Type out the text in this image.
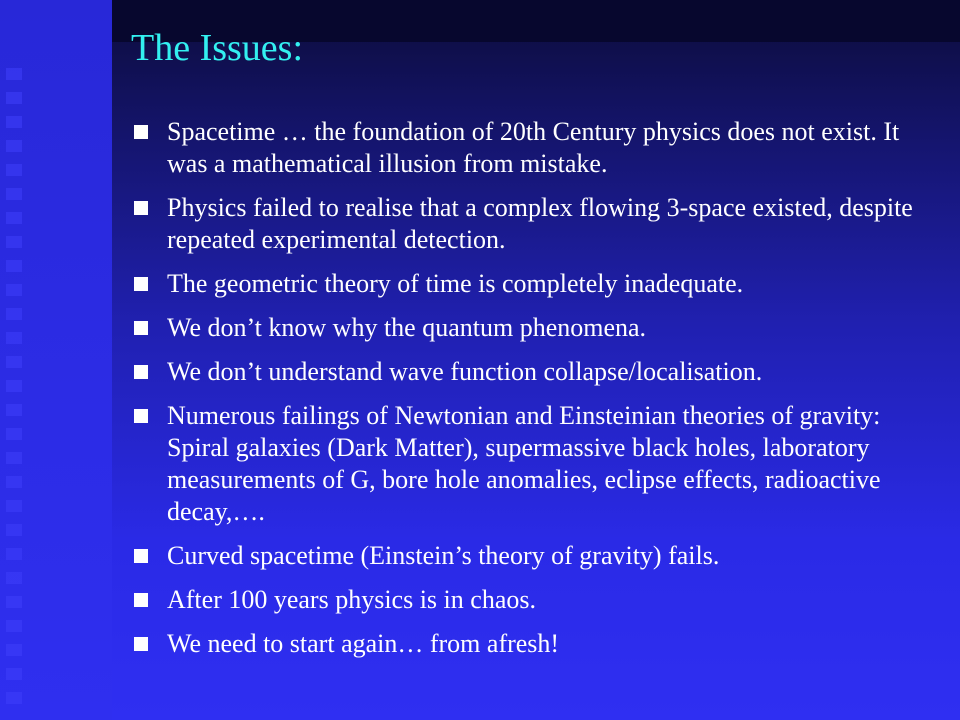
The Issues:
Spacetime … the foundation of 20th Century physics does not exist. It was a mathematical illusion from mistake.
Physics failed to realise that a complex flowing 3-space existed, despite repeated experimental detection.
The geometric theory of time is completely inadequate.
We don’t know why the quantum phenomena.
We don’t understand wave function collapse/localisation.
Numerous failings of Newtonian and Einsteinian theories of gravity: Spiral galaxies (Dark Matter), supermassive black holes, laboratory measurements of G, bore hole anomalies, eclipse effects, radioactive decay,….
Curved spacetime (Einstein’s theory of gravity) fails.
After 100 years physics is in chaos.
We need to start again… from afresh!
